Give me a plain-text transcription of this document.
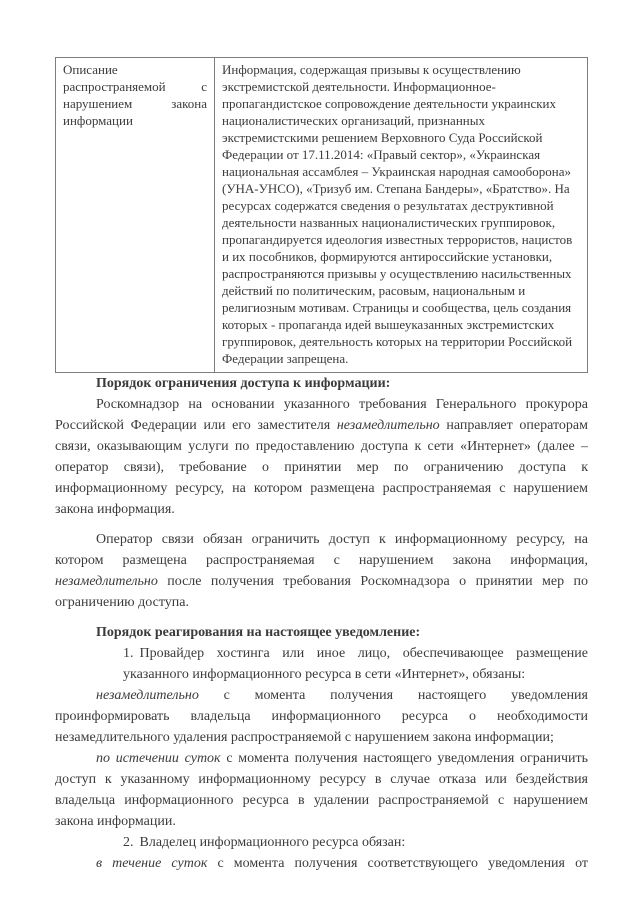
Описание распространяемой с нарушением закона информации	Информация, содержащая призывы к осуществлению экстремистской деятельности. Информационное-пропагандистское сопровождение деятельности украинских националистических организаций, признанных экстремистскими решением Верховного Суда Российской Федерации от 17.11.2014: «Правый сектор», «Украинская национальная ассамблея – Украинская народная самооборона» (УНА-УНСО), «Тризуб им. Степана Бандеры», «Братство». На ресурсах содержатся сведения о результатах деструктивной деятельности названных националистических группировок, пропагандируется идеология известных террористов, нацистов и их пособников, формируются антироссийские установки, распространяются призывы у осуществлению насильственных действий по политическим, расовым, национальным и религиозным мотивам. Страницы и сообщества, цель создания которых - пропаганда идей вышеуказанных экстремистских группировок, деятельность которых на территории Российской Федерации запрещена.
Порядок ограничения доступа к информации:

Роскомнадзор на основании указанного требования Генерального прокурора Российской Федерации или его заместителя незамедлительно направляет операторам связи, оказывающим услуги по предоставлению доступа к сети «Интернет» (далее – оператор связи), требование о принятии мер по ограничению доступа к информационному ресурсу, на котором размещена распространяемая с нарушением закона информация.

Оператор связи обязан ограничить доступ к информационному ресурсу, на котором размещена распространяемая с нарушением закона информация, незамедлительно после получения требования Роскомнадзора о принятии мер по ограничению доступа.

Порядок реагирования на настоящее уведомление:

1. Провайдер хостинга или иное лицо, обеспечивающее размещение указанного информационного ресурса в сети «Интернет», обязаны:

незамедлительно с момента получения настоящего уведомления проинформировать владельца информационного ресурса о необходимости незамедлительного удаления распространяемой с нарушением закона информации;

по истечении суток с момента получения настоящего уведомления ограничить доступ к указанному информационному ресурсу в случае отказа или бездействия владельца информационного ресурса в удалении распространяемой с нарушением закона информации.

2. Владелец информационного ресурса обязан:

в течение суток с момента получения соответствующего уведомления от
